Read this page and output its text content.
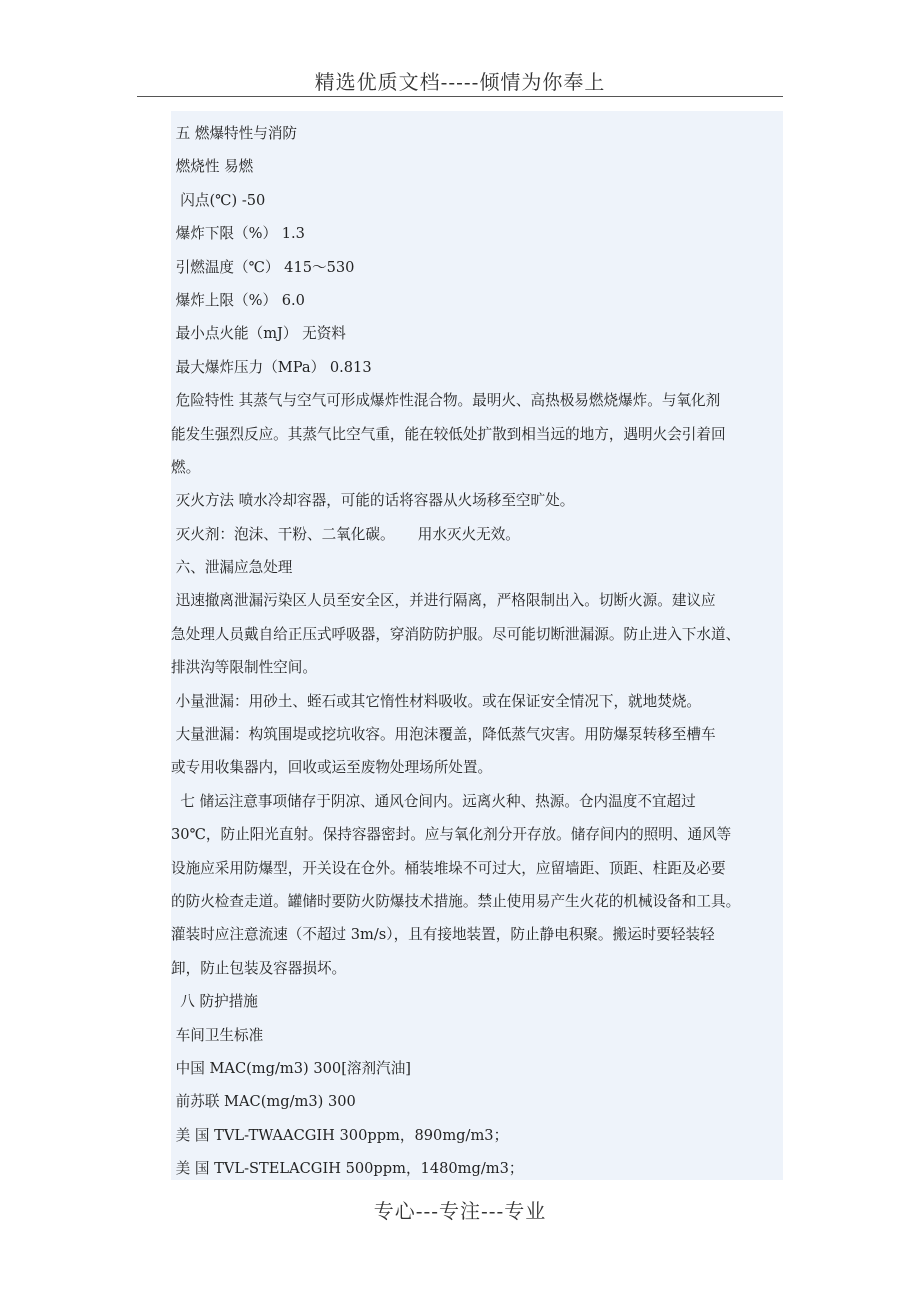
精选优质文档-----倾情为你奉上
五 燃爆特性与消防
燃烧性 易燃
闪点(℃) -50
爆炸下限（%） 1.3
引燃温度（℃） 415～530
爆炸上限（%） 6.0
最小点火能（mJ） 无资料
最大爆炸压力（MPa） 0.813
危险特性 其蒸气与空气可形成爆炸性混合物。最明火、高热极易燃烧爆炸。与氧化剂
能发生强烈反应。其蒸气比空气重，能在较低处扩散到相当远的地方，遇明火会引着回
燃。
灭火方法 喷水冷却容器，可能的话将容器从火场移至空旷处。
灭火剂：泡沫、干粉、二氧化碳。     用水灭火无效。
六、泄漏应急处理
迅速撤离泄漏污染区人员至安全区，并进行隔离，严格限制出入。切断火源。建议应
急处理人员戴自给正压式呼吸器，穿消防防护服。尽可能切断泄漏源。防止进入下水道、
排洪沟等限制性空间。
小量泄漏：用砂土、蛭石或其它惰性材料吸收。或在保证安全情况下，就地焚烧。
大量泄漏：构筑围堤或挖坑收容。用泡沫覆盖，降低蒸气灾害。用防爆泵转移至槽车
或专用收集器内，回收或运至废物处理场所处置。
七 储运注意事项储存于阴凉、通风仓间内。远离火种、热源。仓内温度不宜超过
30℃，防止阳光直射。保持容器密封。应与氧化剂分开存放。储存间内的照明、通风等
设施应采用防爆型，开关设在仓外。桶装堆垛不可过大，应留墙距、顶距、柱距及必要
的防火检查走道。罐储时要防火防爆技术措施。禁止使用易产生火花的机械设备和工具。
灌装时应注意流速（不超过 3m/s），且有接地装置，防止静电积聚。搬运时要轻装轻
卸，防止包装及容器损坏。
八 防护措施
车间卫生标准
中国 MAC(mg/m3) 300[溶剂汽油]
前苏联 MAC(mg/m3) 300
美 国 TVL-TWAACGIH 300ppm，890mg/m3；
美 国 TVL-STELACGIH 500ppm，1480mg/m3；
专心---专注---专业
